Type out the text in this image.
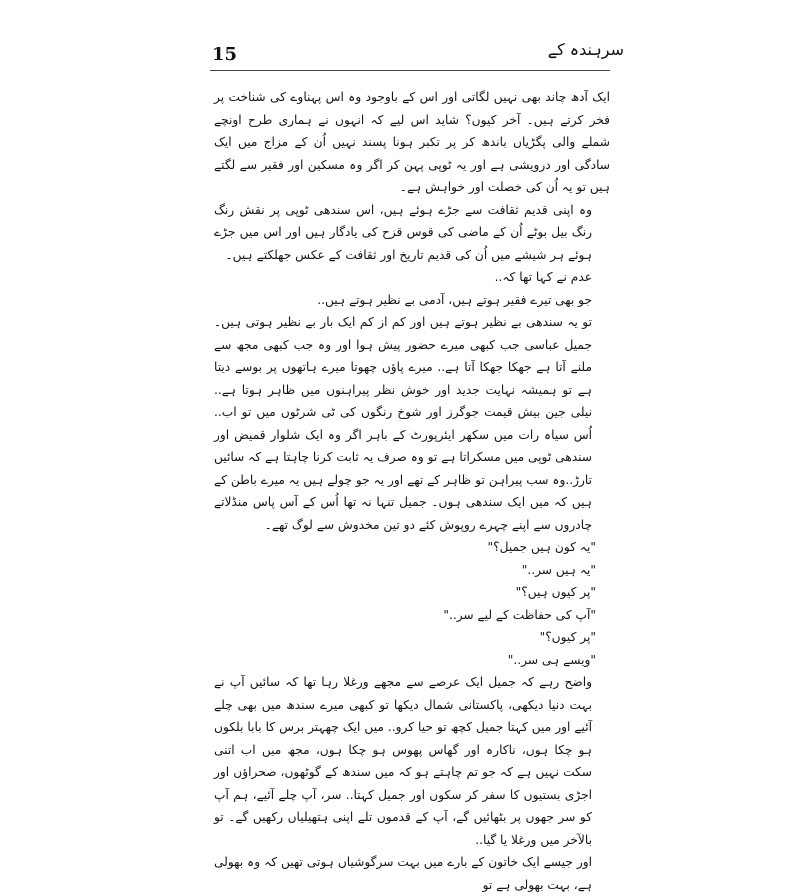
15	سرہندہ کے

ایک آدھ چاند بھی نہیں لگاتی اور اس کے باوجود وہ اس پہناوے کی شناخت پر فخر کرتے ہیں۔ آخر کیوں؟ شاید اس لیے کہ انہوں نے ہماری طرح اونچے شملے والی پگڑیاں باندھ کر پر تکبر ہونا پسند نہیں اُن کے مزاج میں ایک سادگی اور درویشی ہے اور یہ ٹوپی پہن کر اگر وہ مسکین اور فقیر سے لگتے ہیں تو یہ اُن کی خصلت اور خواہش ہے۔

وہ اپنی قدیم ثقافت سے جڑے ہوئے ہیں، اس سندھی ٹوپی پر نقش رنگ رنگ بیل بوٹے اُن کے ماضی کی قوس قزح کی یادگار ہیں اور اس میں جڑے ہوئے ہر شیشے میں اُن کی قدیم تاریخ اور ثقافت کے عکس جھلکتے ہیں۔

عدم نے کہا تھا کہ..

جو بھی تیرے فقیر ہوتے ہیں، آدمی بے نظیر ہوتے ہیں..

تو یہ سندھی بے نظیر ہوتے ہیں اور کم از کم ایک بار بے نظیر ہوتی ہیں۔ جمیل عباسی جب کبھی میرے حضور پیش ہوا اور وہ جب کبھی مجھ سے ملنے آتا ہے جھکا جھکا آتا ہے.. میرے پاؤں چھوتا میرے ہاتھوں پر بوسے دیتا ہے تو ہمیشہ نہایت جدید اور خوش نظر پیراہنوں میں ظاہر ہوتا ہے.. نیلی جین بیش قیمت جوگرز اور شوخ رنگوں کی ٹی شرٹوں میں تو اب.. اُس سیاہ رات میں سکھر ایئرپورٹ کے باہر اگر وہ ایک شلوار قمیض اور سندھی ٹوپی میں مسکراتا ہے تو وہ صرف یہ ثابت کرنا چاہتا ہے کہ سائیں تارڑ..وہ سب پیراہن تو ظاہر کے تھے اور یہ جو چولے ہیں یہ میرے باطن کے ہیں کہ میں ایک سندھی ہوں۔ جمیل تنہا نہ تھا اُس کے آس پاس منڈلاتے چادروں سے اپنے چہرے روپوش کئے دو تین مخدوش سے لوگ تھے۔

"یہ کون ہیں جمیل؟"

"یہ ہیں سر.."

"پر کیوں ہیں؟"

"آپ کی حفاظت کے لیے سر.."

"پر کیوں؟"

"ویسے ہی سر.."

واضح رہے کہ جمیل ایک عرصے سے مجھے ورغلا رہا تھا کہ سائیں آپ نے بہت دنیا دیکھی، پاکستانی شمال دیکھا تو کبھی میرے سندھ میں بھی چلے آئیے اور میں کہتا جمیل کچھ تو حیا کرو.. میں ایک چھہتر برس کا بابا بلکوں ہو چکا ہوں، ناکارہ اور گھاس پھوس ہو چکا ہوں، مجھ میں اب اتنی سکت نہیں ہے کہ جو تم چاہتے ہو کہ میں سندھ کے گوٹھوں، صحراؤں اور اجڑی بستیوں کا سفر کر سکوں اور جمیل کہتا.. سر، آپ چلے آئیے، ہم آپ کو سر جھوں پر بٹھائیں گے، آپ کے قدموں تلے اپنی ہتھیلیاں رکھیں گے۔ تو بالآخر میں ورغلا یا گیا..

اور جیسے ایک خاتون کے بارے میں بہت سرگوشیاں ہوتی تھیں کہ وہ بھولی ہے، بہت بھولی ہے تو
